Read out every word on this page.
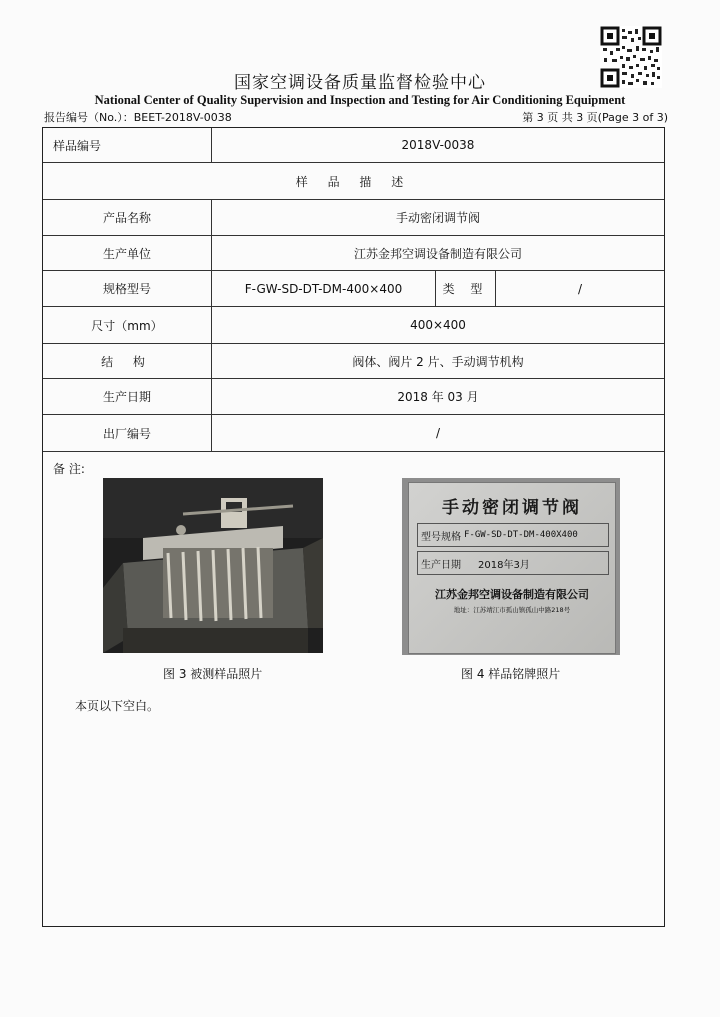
国家空调设备质量监督检验中心
National Center of Quality Supervision and Inspection and Testing for Air Conditioning Equipment
报告编号（No.）：BEET-2018V-0038	第 3 页 共 3 页(Page 3 of 3)
样品编号	2018V-0038
样 品 描 述
产品名称	手动密闭调节阀
生产单位	江苏金邦空调设备制造有限公司
规格型号	F-GW-SD-DT-DM-400×400	类 型	/
尺寸（mm）	400×400
结 构	阀体、阀片 2 片、手动调节机构
生产日期	2018 年 03 月
出厂编号	/
备 注:
图 3 被测样品照片
手动密闭调节阀
型号规格 F-GW-SD-DT-DM-400X400
生产日期	2018年3月
江苏金邦空调设备制造有限公司
地址：江苏靖江市孤山镇孤山中路218号
图 4 样品铭牌照片
本页以下空白。
